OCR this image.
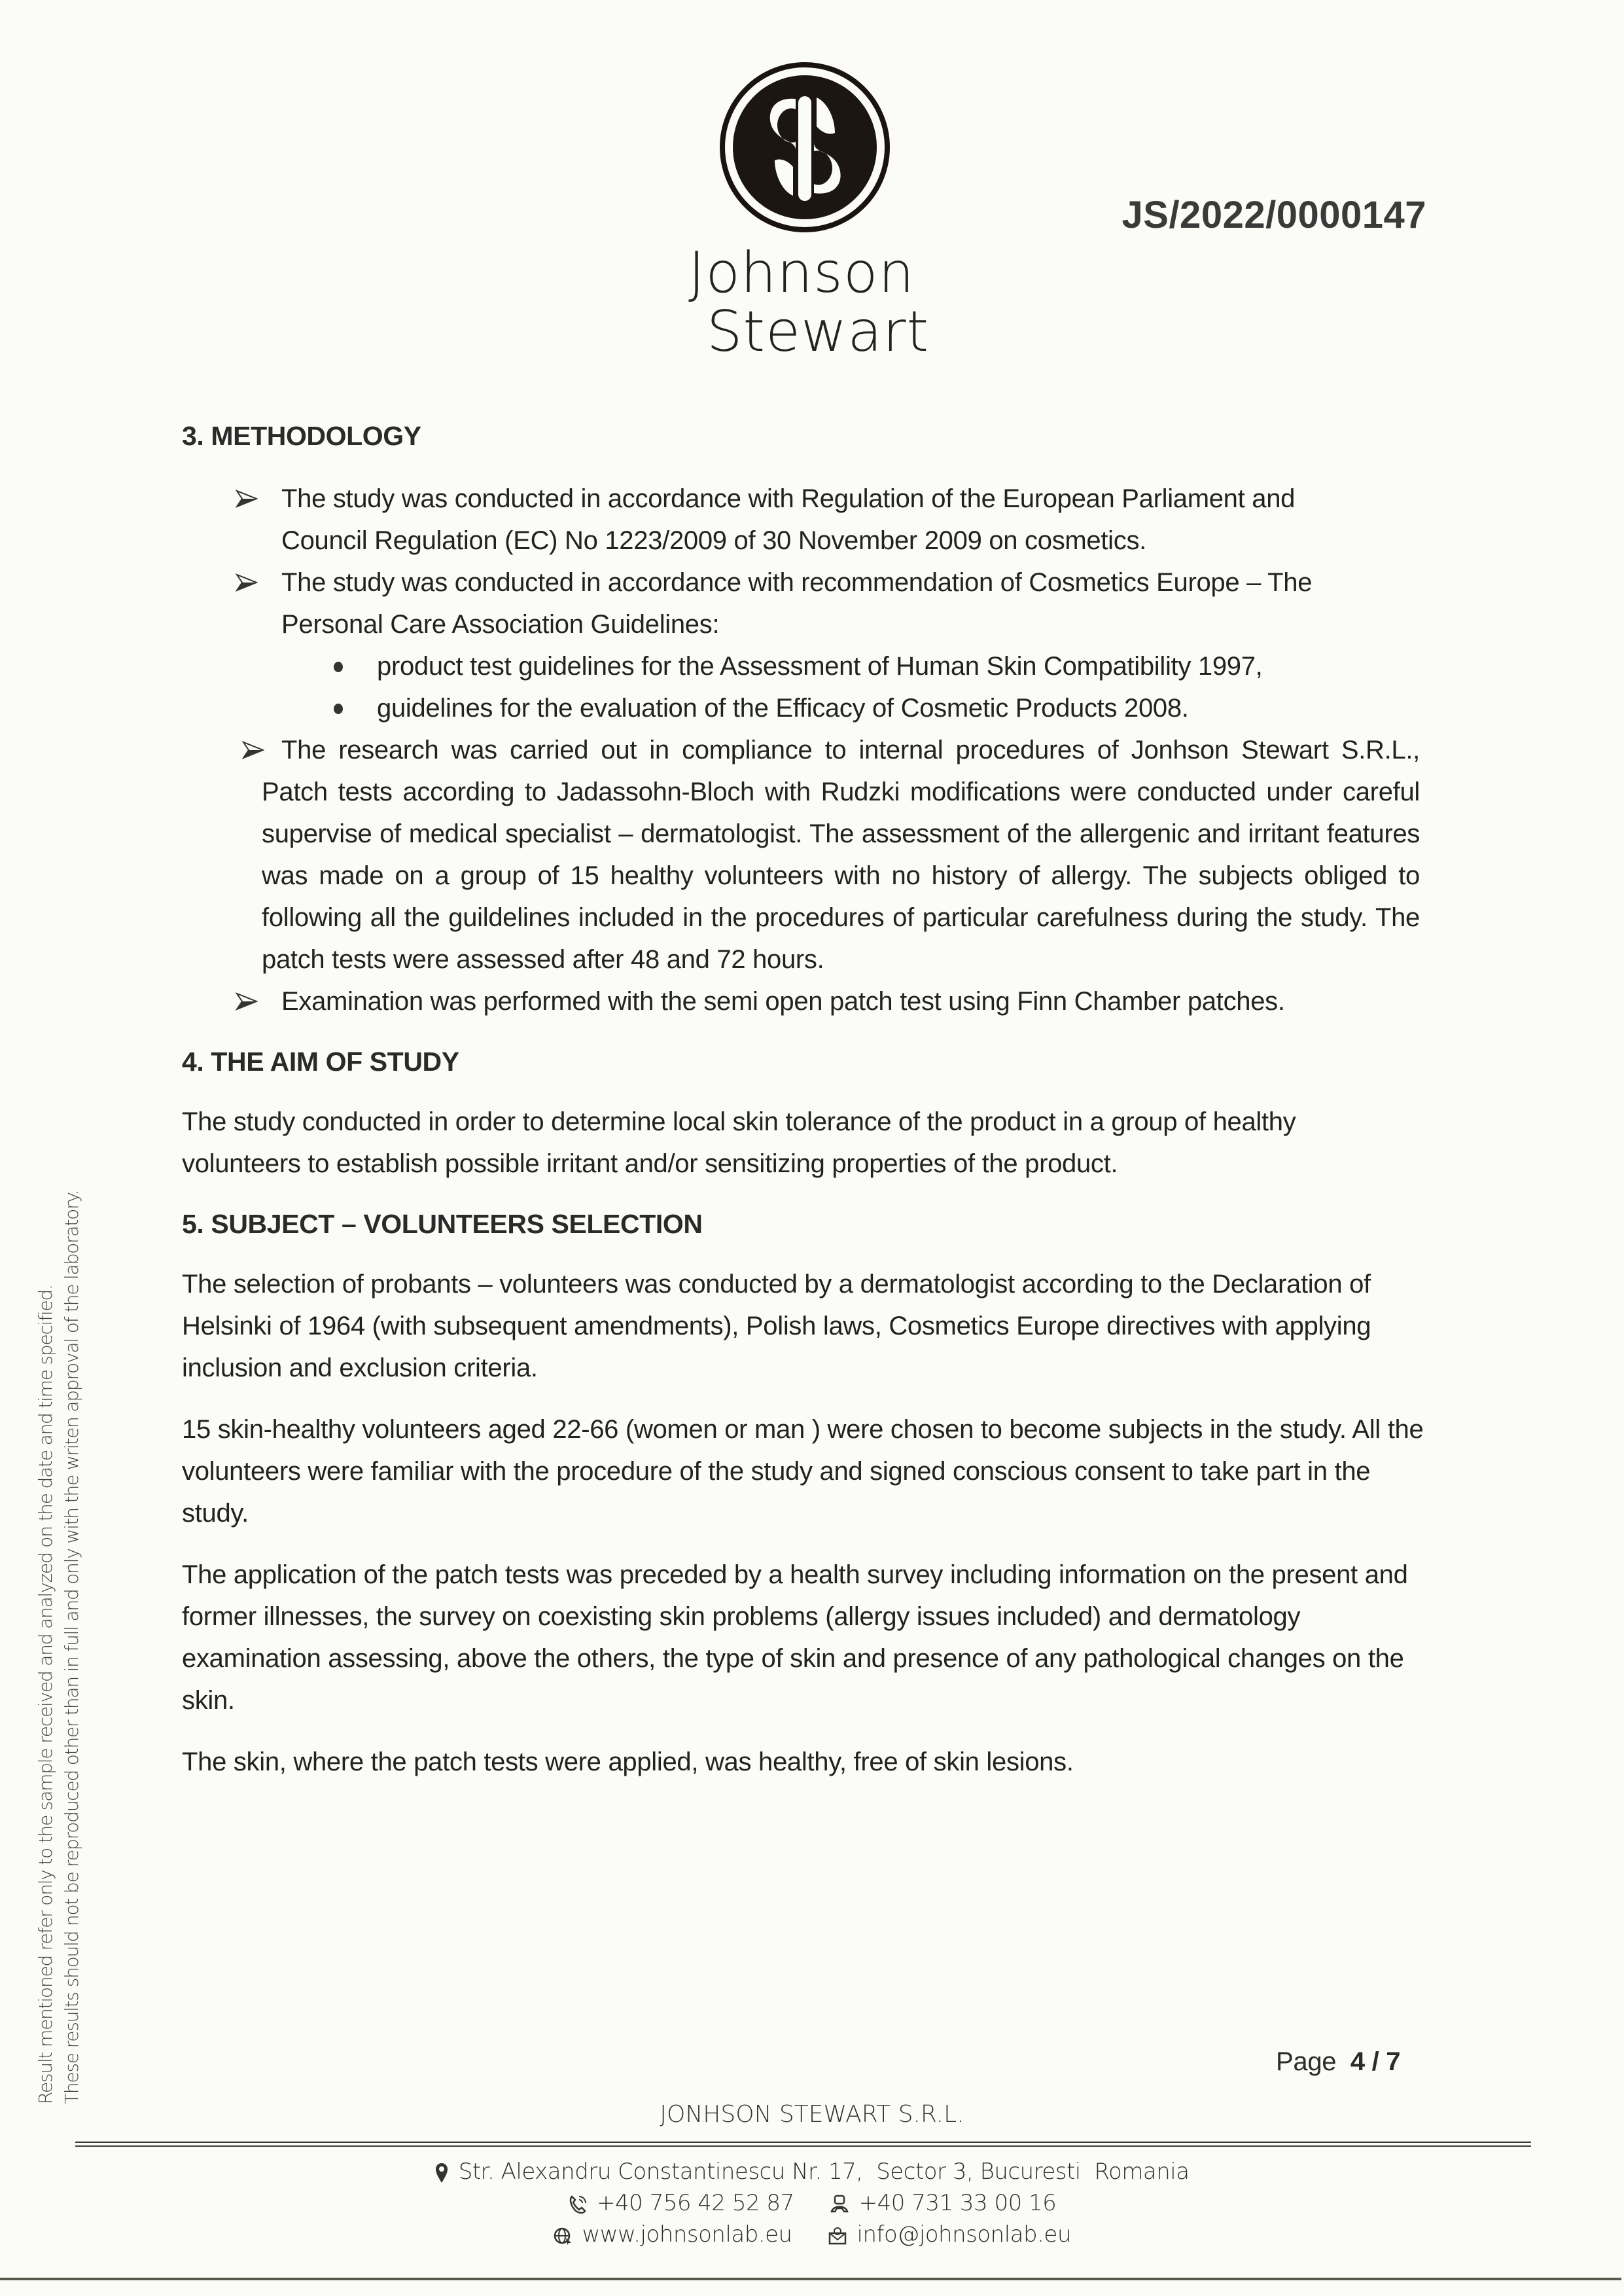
Johnson
Stewart
JS/2022/0000147
Result mentioned refer only to the sample received and analyzed on the date and time specified. These results should not be reproduced other than in full and only with the writen approval of the laboratory.
3. METHODOLOGY
The study was conducted in accordance with Regulation of the European Parliament and Council Regulation (EC) No 1223/2009 of 30 November 2009 on cosmetics.
The study was conducted in accordance with recommendation of Cosmetics Europe – The Personal Care Association Guidelines:
product test guidelines for the Assessment of Human Skin Compatibility 1997,
guidelines for the evaluation of the Efficacy of Cosmetic Products 2008.
The research was carried out in compliance to internal procedures of Jonhson Stewart S.R.L., Patch tests according to Jadassohn-Bloch with Rudzki modifications were conducted under careful supervise of medical specialist – dermatologist. The assessment of the allergenic and irritant features was made on a group of 15 healthy volunteers with no history of allergy. The subjects obliged to following all the guildelines included in the procedures of particular carefulness during the study. The patch tests were assessed after 48 and 72 hours.
Examination was performed with the semi open patch test using Finn Chamber patches.
4. THE AIM OF STUDY

The study conducted in order to determine local skin tolerance of the product in a group of healthy volunteers to establish possible irritant and/or sensitizing properties of the product.

5. SUBJECT – VOLUNTEERS SELECTION

The selection of probants – volunteers was conducted by a dermatologist according to the Declaration of Helsinki of 1964 (with subsequent amendments), Polish laws, Cosmetics Europe directives with applying inclusion and exclusion criteria.

15 skin-healthy volunteers aged 22-66 (women or man ) were chosen to become subjects in the study. All the volunteers were familiar with the procedure of the study and signed conscious consent to take part in the study.

The application of the patch tests was preceded by a health survey including information on the present and former illnesses, the survey on coexisting skin problems (allergy issues included) and dermatology examination assessing, above the others, the type of skin and presence of any pathological changes on the skin.

The skin, where the patch tests were applied, was healthy, free of skin lesions.

Page 4 / 7
JONHSON STEWART S.R.L.
Str. Alexandru Constantinescu Nr. 17,  Sector 3, Bucuresti  Romania
+40 756 42 52 87	+40 731 33 00 16
www.johnsonlab.eu	info@johnsonlab.eu
